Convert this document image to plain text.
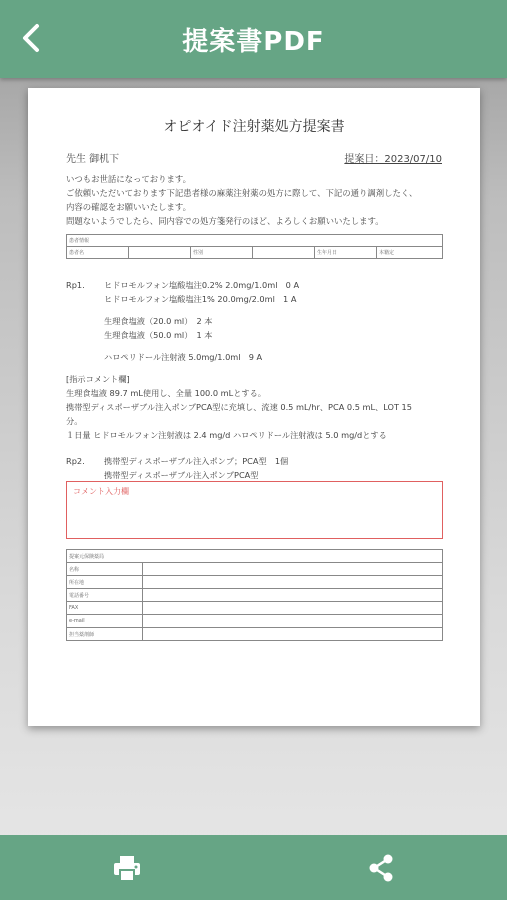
提案書PDF
オピオイド注射薬処方提案書
先生 御机下	提案日：2023/07/10
いつもお世話になっております。
ご依頼いただいております下記患者様の麻薬注射薬の処方に際して、下記の通り調剤したく、
内容の確認をお願いいたします。
問題ないようでしたら、同内容での処方箋発行のほど、よろしくお願いいたします。
患者情報
患者名		性別		生年月日	本籍定
Rp1.	ヒドロモルフォン塩酸塩注0.2% 2.0mg/1.0ml　0 A
ヒドロモルフォン塩酸塩注1% 20.0mg/2.0ml　1 A
生理食塩液（20.0 ml）　2 本
生理食塩液（50.0 ml）　1 本
ハロペリドール注射液 5.0mg/1.0ml　9 A
[指示コメント欄]
生理食塩液 89.7 mL使用し、全量 100.0 mLとする。
携帯型ディスポーザブル注入ポンプPCA型に充填し、流速 0.5 mL/hr、PCA 0.5 mL、LOT 15
分。
１日量 ヒドロモルフォン注射液は 2.4 mg/d ハロペリドール注射液は 5.0 mg/dとする
Rp2.	携帯型ディスポーザブル注入ポンプ；PCA型　1個
携帯型ディスポーザブル注入ポンプPCA型
コメント入力欄
提案元保険薬局	
名称	
所在地	
電話番号	
FAX	
e-mail	
担当薬剤師	
